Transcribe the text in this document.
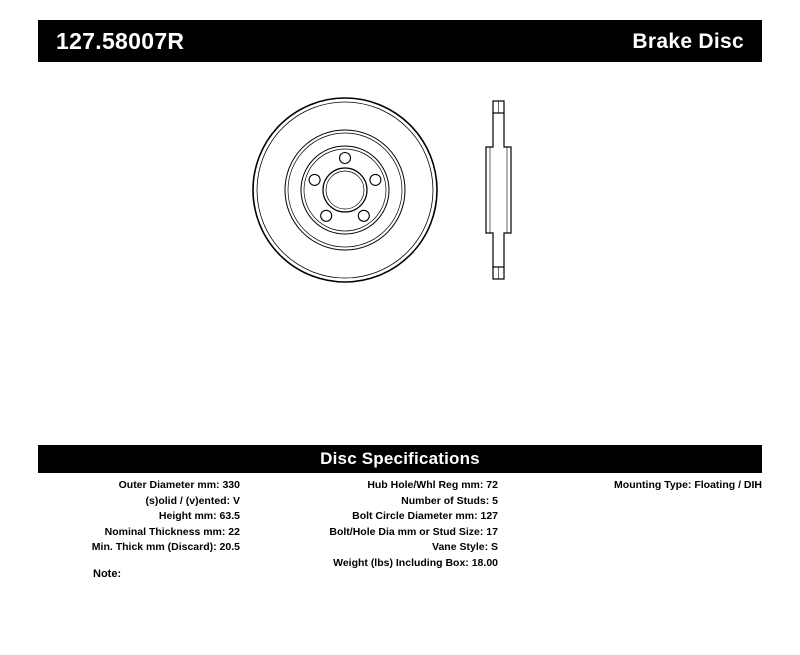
127.58007R	Brake Disc
Disc Specifications
Outer Diameter mm: 330
(s)olid / (v)ented: V
Height mm: 63.5
Nominal Thickness mm: 22
Min. Thick mm (Discard): 20.5
Hub Hole/Whl Reg mm: 72
Number of Studs: 5
Bolt Circle Diameter mm: 127
Bolt/Hole Dia mm or Stud Size: 17
Vane Style: S
Weight (lbs) Including Box: 18.00
Mounting Type: Floating / DIH
Note:
